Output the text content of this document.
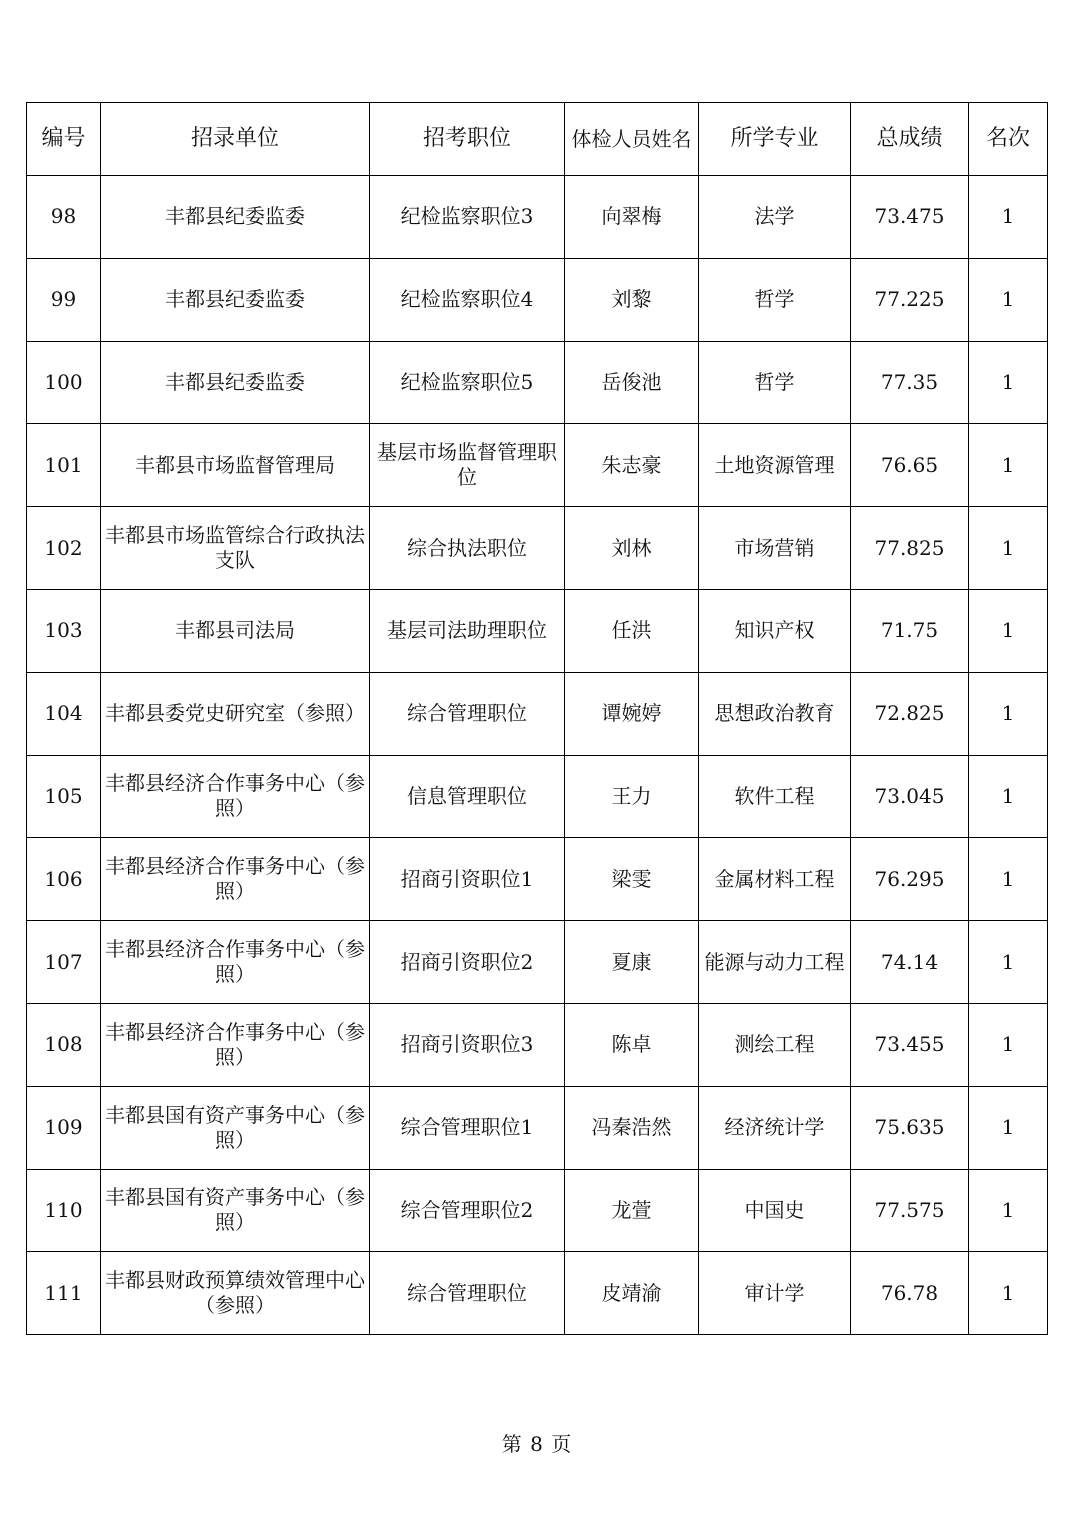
编号	招录单位	招考职位	体检人员姓名	所学专业	总成绩	名次
98	丰都县纪委监委	纪检监察职位3	向翠梅	法学	73.475	1
99	丰都县纪委监委	纪检监察职位4	刘黎	哲学	77.225	1
100	丰都县纪委监委	纪检监察职位5	岳俊池	哲学	77.35	1
101	丰都县市场监督管理局	基层市场监督管理职位	朱志豪	土地资源管理	76.65	1
102	丰都县市场监管综合行政执法支队	综合执法职位	刘林	市场营销	77.825	1
103	丰都县司法局	基层司法助理职位	任洪	知识产权	71.75	1
104	丰都县委党史研究室（参照）	综合管理职位	谭婉婷	思想政治教育	72.825	1
105	丰都县经济合作事务中心（参照）	信息管理职位	王力	软件工程	73.045	1
106	丰都县经济合作事务中心（参照）	招商引资职位1	梁雯	金属材料工程	76.295	1
107	丰都县经济合作事务中心（参照）	招商引资职位2	夏康	能源与动力工程	74.14	1
108	丰都县经济合作事务中心（参照）	招商引资职位3	陈卓	测绘工程	73.455	1
109	丰都县国有资产事务中心（参照）	综合管理职位1	冯秦浩然	经济统计学	75.635	1
110	丰都县国有资产事务中心（参照）	综合管理职位2	龙萱	中国史	77.575	1
111	丰都县财政预算绩效管理中心（参照）	综合管理职位	皮靖渝	审计学	76.78	1
第 8 页
